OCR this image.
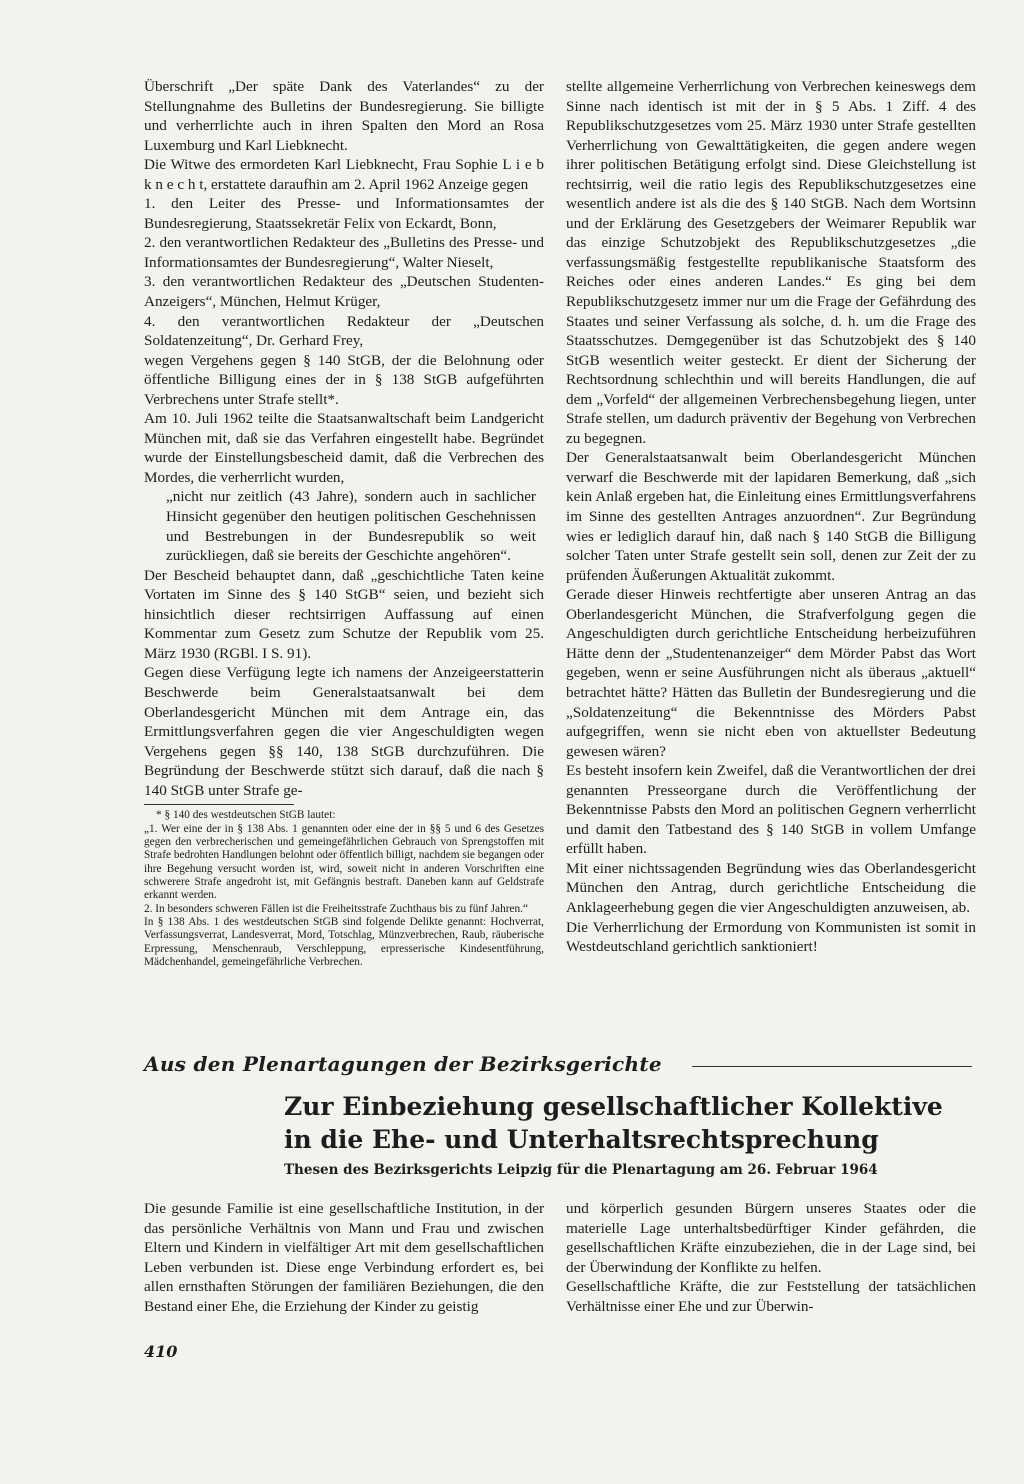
Überschrift „Der späte Dank des Vaterlandes“ zu der Stellungnahme des Bulletins der Bundesregierung. Sie billigte und verherrlichte auch in ihren Spalten den Mord an Rosa Luxemburg und Karl Liebknecht.

Die Witwe des ermordeten Karl Liebknecht, Frau Sophie L i e b k n e c h t, erstattete daraufhin am 2. April 1962 Anzeige gegen

1. den Leiter des Presse- und Informationsamtes der Bundesregierung, Staatssekretär Felix von Eckardt, Bonn,

2. den verantwortlichen Redakteur des „Bulletins des Presse- und Informationsamtes der Bundesregierung“, Walter Nieselt,

3. den verantwortlichen Redakteur des „Deutschen Studenten-Anzeigers“, München, Helmut Krüger,

4. den verantwortlichen Redakteur der „Deutschen Soldatenzeitung“, Dr. Gerhard Frey,

wegen Vergehens gegen § 140 StGB, der die Belohnung oder öffentliche Billigung eines der in § 138 StGB aufgeführten Verbrechens unter Strafe stellt*.

Am 10. Juli 1962 teilte die Staatsanwaltschaft beim Landgericht München mit, daß sie das Verfahren eingestellt habe. Begründet wurde der Einstellungsbescheid damit, daß die Verbrechen des Mordes, die verherrlicht wurden,

„nicht nur zeitlich (43 Jahre), sondern auch in sachlicher Hinsicht gegenüber den heutigen politischen Geschehnissen und Bestrebungen in der Bundesrepublik so weit zurückliegen, daß sie bereits der Geschichte angehören“.

Der Bescheid behauptet dann, daß „geschichtliche Taten keine Vortaten im Sinne des § 140 StGB“ seien, und bezieht sich hinsichtlich dieser rechtsirrigen Auffassung auf einen Kommentar zum Gesetz zum Schutze der Republik vom 25. März 1930 (RGBl. I S. 91).

Gegen diese Verfügung legte ich namens der Anzeigeerstatterin Beschwerde beim Generalstaatsanwalt bei dem Oberlandesgericht München mit dem Antrage ein, das Ermittlungsverfahren gegen die vier Angeschuldigten wegen Vergehens gegen §§ 140, 138 StGB durchzuführen. Die Begründung der Beschwerde stützt sich darauf, daß die nach § 140 StGB unter Strafe ge-

* § 140 des westdeutschen StGB lautet:

„1. Wer eine der in § 138 Abs. 1 genannten oder eine der in §§ 5 und 6 des Gesetzes gegen den verbrecherischen und gemeingefährlichen Gebrauch von Sprengstoffen mit Strafe bedrohten Handlungen belohnt oder öffentlich billigt, nachdem sie begangen oder ihre Begehung versucht worden ist, wird, soweit nicht in anderen Vorschriften eine schwerere Strafe angedroht ist, mit Gefängnis bestraft. Daneben kann auf Geldstrafe erkannt werden.

2. In besonders schweren Fällen ist die Freiheitsstrafe Zuchthaus bis zu fünf Jahren.“

In § 138 Abs. 1 des westdeutschen StGB sind folgende Delikte genannt: Hochverrat, Verfassungsverrat, Landesverrat, Mord, Totschlag, Münzverbrechen, Raub, räuberische Erpressung, Menschenraub, Verschleppung, erpresserische Kindesentführung, Mädchenhandel, gemeingefährliche Verbrechen.

stellte allgemeine Verherrlichung von Verbrechen keineswegs dem Sinne nach identisch ist mit der in § 5 Abs. 1 Ziff. 4 des Republikschutzgesetzes vom 25. März 1930 unter Strafe gestellten Verherrlichung von Gewalttätigkeiten, die gegen andere wegen ihrer politischen Betätigung erfolgt sind. Diese Gleichstellung ist rechtsirrig, weil die ratio legis des Republikschutzgesetzes eine wesentlich andere ist als die des § 140 StGB. Nach dem Wortsinn und der Erklärung des Gesetzgebers der Weimarer Republik war das einzige Schutzobjekt des Republikschutzgesetzes „die verfassungsmäßig festgestellte republikanische Staatsform des Reiches oder eines anderen Landes.“ Es ging bei dem Republikschutzgesetz immer nur um die Frage der Gefährdung des Staates und seiner Verfassung als solche, d. h. um die Frage des Staatsschutzes. Demgegenüber ist das Schutzobjekt des § 140 StGB wesentlich weiter gesteckt. Er dient der Sicherung der Rechtsordnung schlechthin und will bereits Handlungen, die auf dem „Vorfeld“ der allgemeinen Verbrechensbegehung liegen, unter Strafe stellen, um dadurch präventiv der Begehung von Verbrechen zu begegnen.

Der Generalstaatsanwalt beim Oberlandesgericht München verwarf die Beschwerde mit der lapidaren Bemerkung, daß „sich kein Anlaß ergeben hat, die Einleitung eines Ermittlungsverfahrens im Sinne des gestellten Antrages anzuordnen“. Zur Begründung wies er lediglich darauf hin, daß nach § 140 StGB die Billigung solcher Taten unter Strafe gestellt sein soll, denen zur Zeit der zu prüfenden Äußerungen Aktualität zukommt.

Gerade dieser Hinweis rechtfertigte aber unseren Antrag an das Oberlandesgericht München, die Strafverfolgung gegen die Angeschuldigten durch gerichtliche Entscheidung herbeizuführen Hätte denn der „Studentenanzeiger“ dem Mörder Pabst das Wort gegeben, wenn er seine Ausführungen nicht als überaus „aktuell“ betrachtet hätte? Hätten das Bulletin der Bundesregierung und die „Soldatenzeitung“ die Bekenntnisse des Mörders Pabst aufgegriffen, wenn sie nicht eben von aktuellster Bedeutung gewesen wären?

Es besteht insofern kein Zweifel, daß die Verantwortlichen der drei genannten Presseorgane durch die Veröffentlichung der Bekenntnisse Pabsts den Mord an politischen Gegnern verherrlicht und damit den Tatbestand des § 140 StGB in vollem Umfange erfüllt haben.

Mit einer nichtssagenden Begründung wies das Oberlandesgericht München den Antrag, durch gerichtliche Entscheidung die Anklageerhebung gegen die vier Angeschuldigten anzuweisen, ab.

Die Verherrlichung der Ermordung von Kommunisten ist somit in Westdeutschland gerichtlich sanktioniert!

Aus den Plenartagungen der Bezirksgerichte
Zur Einbeziehung gesellschaftlicher Kollektive
in die Ehe- und Unterhaltsrechtsprechung
Thesen des Bezirksgerichts Leipzig für die Plenartagung am 26. Februar 1964

Die gesunde Familie ist eine gesellschaftliche Institution, in der das persönliche Verhältnis von Mann und Frau und zwischen Eltern und Kindern in vielfältiger Art mit dem gesellschaftlichen Leben verbunden ist. Diese enge Verbindung erfordert es, bei allen ernsthaften Störungen der familiären Beziehungen, die den Bestand einer Ehe, die Erziehung der Kinder zu geistig

und körperlich gesunden Bürgern unseres Staates oder die materielle Lage unterhaltsbedürftiger Kinder gefährden, die gesellschaftlichen Kräfte einzubeziehen, die in der Lage sind, bei der Überwindung der Konflikte zu helfen.

Gesellschaftliche Kräfte, die zur Feststellung der tatsächlichen Verhältnisse einer Ehe und zur Überwin-

410
